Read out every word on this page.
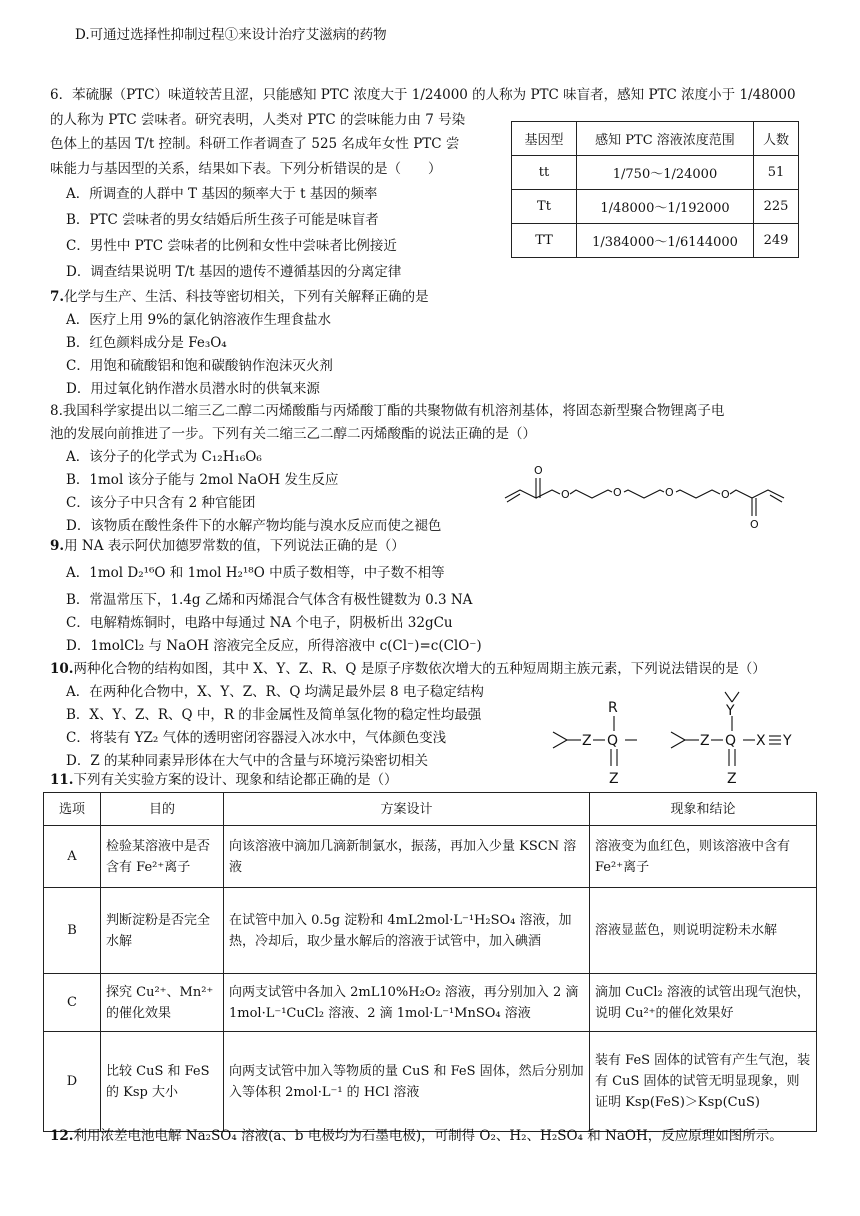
D.可通过选择性抑制过程①来设计治疗艾滋病的药物
6．苯硫脲（PTC）味道较苦且涩，只能感知 PTC 浓度大于 1/24000 的人称为 PTC 味盲者，感知 PTC 浓度小于 1/48000
的人称为 PTC 尝味者。研究表明，人类对 PTC 的尝味能力由 7 号染
色体上的基因 T/t 控制。科研工作者调查了 525 名成年女性 PTC 尝
味能力与基因型的关系，结果如下表。下列分析错误的是（　　）
A．所调查的人群中 T 基因的频率大于 t 基因的频率
B．PTC 尝味者的男女结婚后所生孩子可能是味盲者
C．男性中 PTC 尝味者的比例和女性中尝味者比例接近
D．调查结果说明 T/t 基因的遗传不遵循基因的分离定律
基因型	感知 PTC 溶液浓度范围	人数
tt	1/750～1/24000	51
Tt	1/48000～1/192000	225
TT	1/384000～1/6144000	249
7.化学与生产、生活、科技等密切相关，下列有关解释正确的是
A．医疗上用 9%的氯化钠溶液作生理食盐水
B．红色颜料成分是 Fe₃O₄
C．用饱和硫酸铝和饱和碳酸钠作泡沫灭火剂
D．用过氧化钠作潜水员潜水时的供氧来源
8.我国科学家提出以二缩三乙二醇二丙烯酸酯与丙烯酸丁酯的共聚物做有机溶剂基体，将固态新型聚合物锂离子电
池的发展向前推进了一步。下列有关二缩三乙二醇二丙烯酸酯的说法正确的是（）
A．该分子的化学式为 C₁₂H₁₆O₆
B．1mol 该分子能与 2mol NaOH 发生反应
C．该分子中只含有 2 种官能团
D．该物质在酸性条件下的水解产物均能与溴水反应而使之褪色
O
O	O	O	O
O
9.用 NA 表示阿伏加德罗常数的值，下列说法正确的是（）
A．1mol D₂¹⁶O 和 1mol H₂¹⁸O 中质子数相等，中子数不相等
B．常温常压下，1.4g 乙烯和丙烯混合气体含有极性键数为 0.3 NA
C．电解精炼铜时，电路中每通过 NA 个电子，阴极析出 32gCu
D．1molCl₂ 与 NaOH 溶液完全反应，所得溶液中 c(Cl⁻)=c(ClO⁻)
10.两种化合物的结构如图，其中 X、Y、Z、R、Q 是原子序数依次增大的五种短周期主族元素，下列说法错误的是（）
A．在两种化合物中，X、Y、Z、R、Q 均满足最外层 8 电子稳定结构
B．X、Y、Z、R、Q 中，R 的非金属性及简单氢化物的稳定性均最强
C．将装有 YZ₂ 气体的透明密闭容器浸入冰水中，气体颜色变浅
D．Z 的某种同素异形体在大气中的含量与环境污染密切相关
Z Q
R
Z
Z Q
Y
X Y
Z
11.下列有关实验方案的设计、现象和结论都正确的是（）
选项	目的	方案设计	现象和结论
A	检验某溶液中是否含有 Fe²⁺离子	向该溶液中滴加几滴新制氯水，振荡，再加入少量 KSCN 溶液	溶液变为血红色，则该溶液中含有 Fe²⁺离子
B	判断淀粉是否完全水解	在试管中加入 0.5g 淀粉和 4mL2mol·L⁻¹H₂SO₄ 溶液，加热，冷却后，取少量水解后的溶液于试管中，加入碘酒	溶液显蓝色，则说明淀粉未水解
C	探究 Cu²⁺、Mn²⁺的催化效果	向两支试管中各加入 2mL10%H₂O₂ 溶液，再分别加入 2 滴 1mol·L⁻¹CuCl₂ 溶液、2 滴 1mol·L⁻¹MnSO₄ 溶液	滴加 CuCl₂ 溶液的试管出现气泡快，说明 Cu²⁺的催化效果好
D	比较 CuS 和 FeS 的 Ksp 大小	向两支试管中加入等物质的量 CuS 和 FeS 固体，然后分别加入等体积 2mol·L⁻¹ 的 HCl 溶液	装有 FeS 固体的试管有产生气泡，装有 CuS 固体的试管无明显现象，则证明 Ksp(FeS)＞Ksp(CuS)
12.利用浓差电池电解 Na₂SO₄ 溶液(a、b 电极均为石墨电极)，可制得 O₂、H₂、H₂SO₄ 和 NaOH，反应原理如图所示。
